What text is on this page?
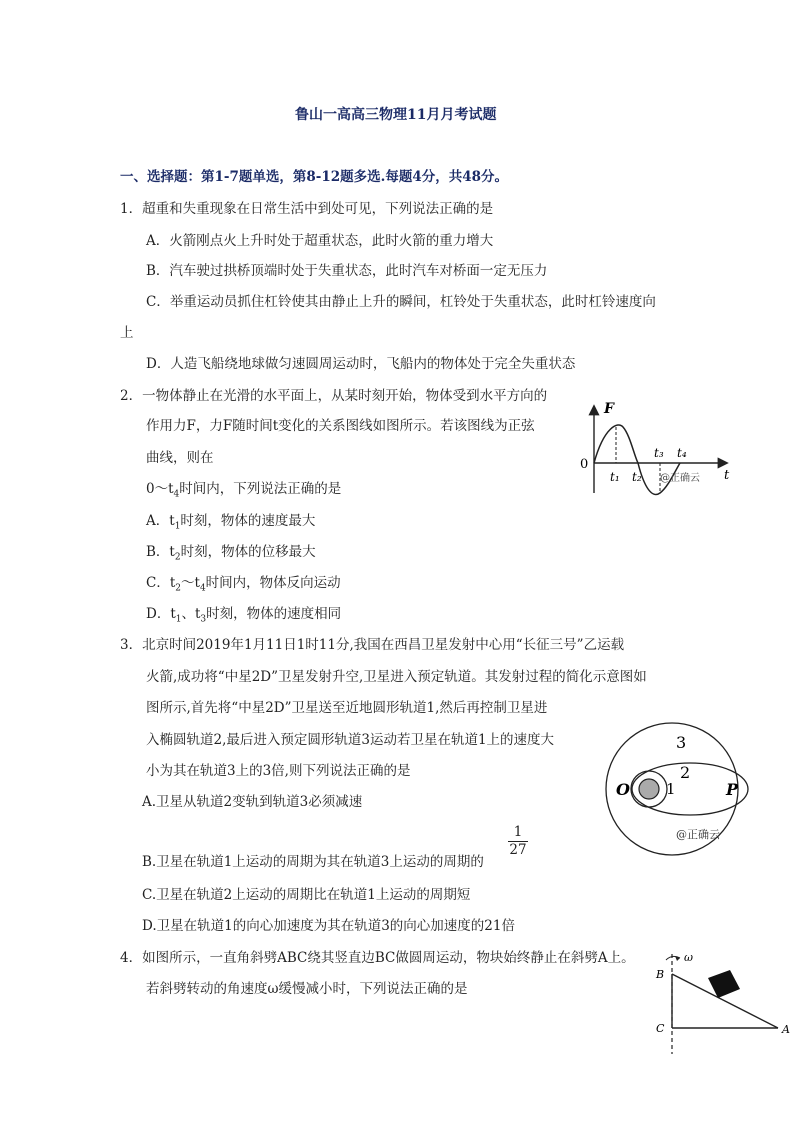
鲁山一高高三物理11月月考试题
一、选择题：第1-7题单选，第8-12题多选.每题4分，共48分。
1．超重和失重现象在日常生活中到处可见，下列说法正确的是
A．火箭刚点火上升时处于超重状态，此时火箭的重力增大
B．汽车驶过拱桥顶端时处于失重状态，此时汽车对桥面一定无压力
C．举重运动员抓住杠铃使其由静止上升的瞬间，杠铃处于失重状态，此时杠铃速度向
上
D．人造飞船绕地球做匀速圆周运动时，飞船内的物体处于完全失重状态
2．一物体静止在光滑的水平面上，从某时刻开始，物体受到水平方向的
作用力F，力F随时间t变化的关系图线如图所示。若该图线为正弦
曲线，则在
$0\sim t_4$时间内，下列说法正确的是
A．$t_1$时刻，物体的速度最大
B．$t_2$时刻，物体的位移最大
C．$t_2\sim t_4$时间内，物体反向运动
D．$t_1$、$t_3$时刻，物体的速度相同
F
t
0
t₁ t₂
t₃ t₄
@正确云
3．北京时间2019年1月11日1时11分,我国在西昌卫星发射中心用“长征三号”乙运载
火箭,成功将“中星2D”卫星发射升空,卫星进入预定轨道。其发射过程的简化示意图如
图所示,首先将“中星2D”卫星送至近地圆形轨道1,然后再控制卫星进
入椭圆轨道2,最后进入预定圆形轨道3运动若卫星在轨道1上的速度大
小为其在轨道3上的3倍,则下列说法正确的是
A.卫星从轨道2变轨到轨道3必须减速
B.卫星在轨道1上运动的周期为其在轨道3上运动的周期的
$\frac{1}{27}$
C.卫星在轨道2上运动的周期比在轨道1上运动的周期短
D.卫星在轨道1的向心加速度为其在轨道3的向心加速度的21倍
3
2
1
O	P
@正确云
4．如图所示，一直角斜劈ABC绕其竖直边BC做圆周运动，物块始终静止在斜劈A上。
若斜劈转动的角速度ω缓慢减小时，下列说法正确的是
ω
B
C	A
